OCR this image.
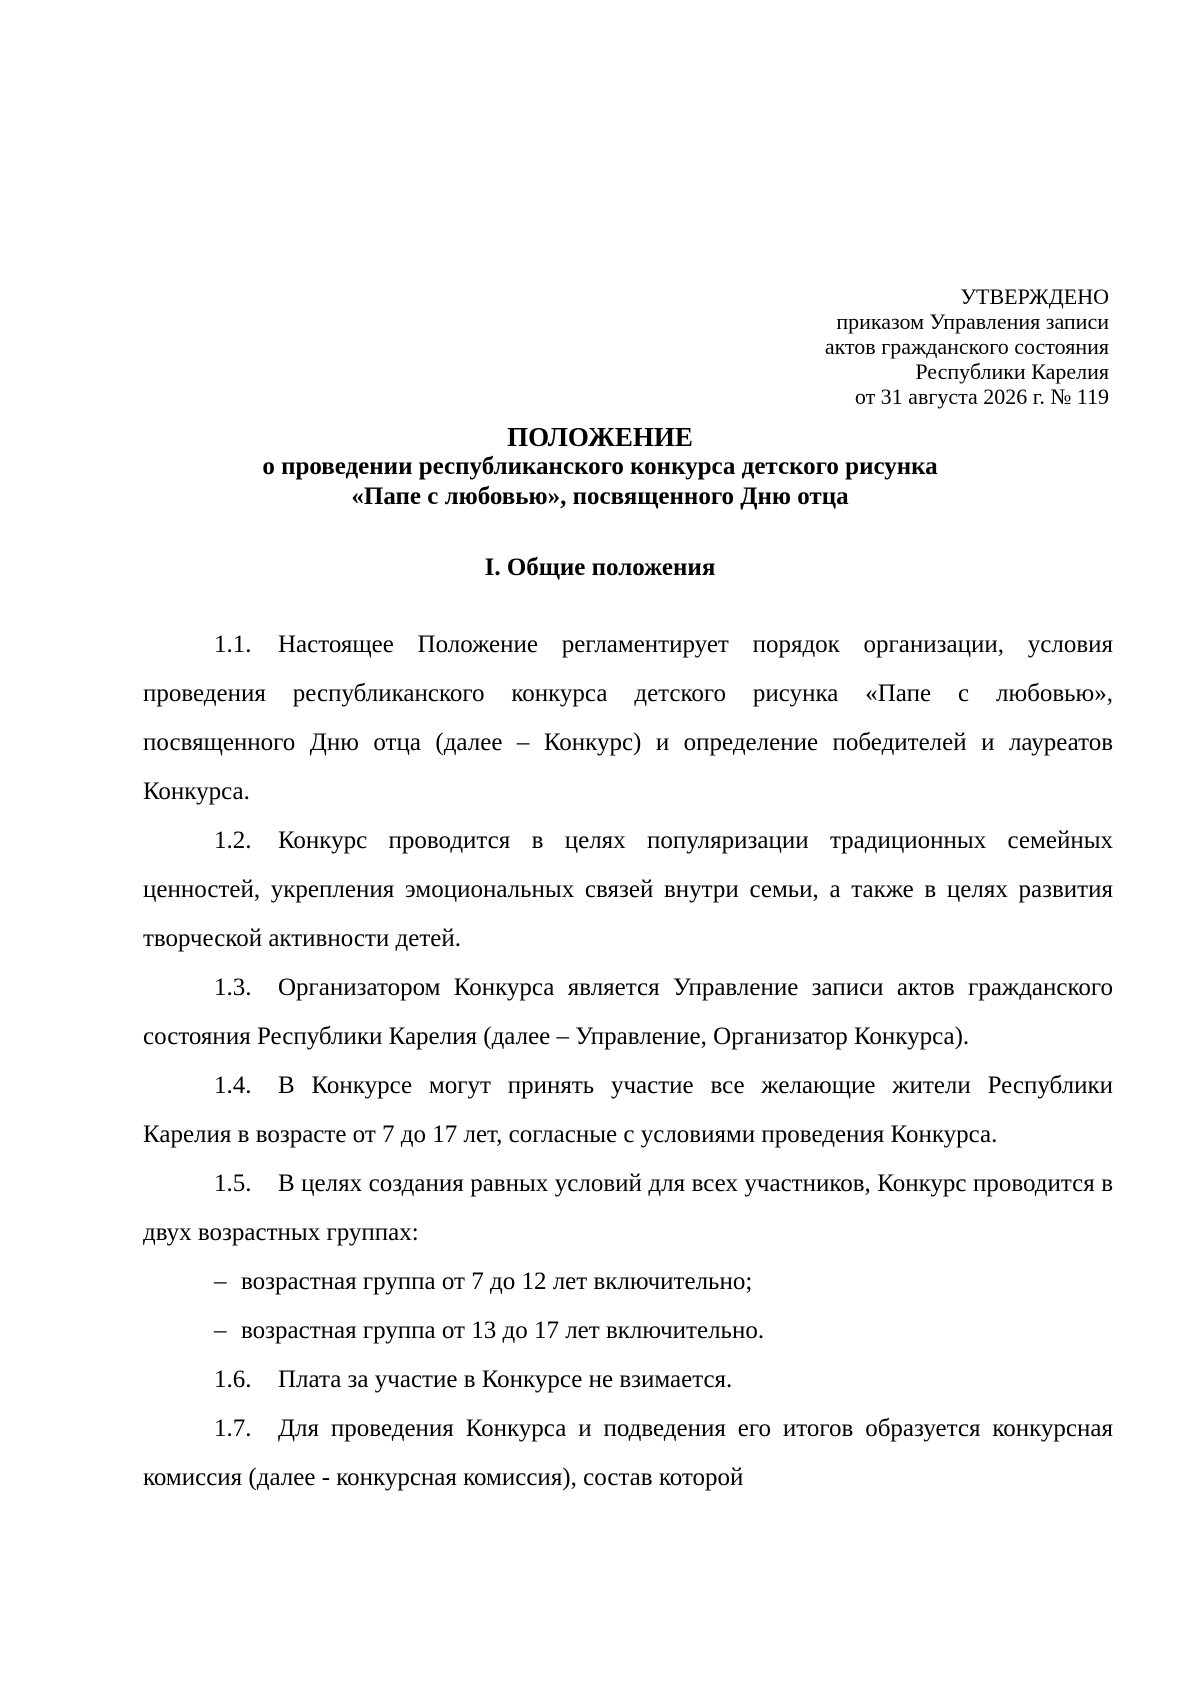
УТВЕРЖДЕНО
приказом Управления записи
актов гражданского состояния
Республики Карелия
от 31 августа 2026 г. № 119
ПОЛОЖЕНИЕ
о проведении республиканского конкурса детского рисунка
«Папе с любовью», посвященного Дню отца
I. Общие положения

1.1. Настоящее Положение регламентирует порядок организации, условия проведения республиканского конкурса детского рисунка «Папе с любовью», посвященного Дню отца (далее – Конкурс) и определение победителей и лауреатов Конкурса.

1.2. Конкурс проводится в целях популяризации традиционных семейных ценностей, укрепления эмоциональных связей внутри семьи, а также в целях развития творческой активности детей.

1.3. Организатором Конкурса является Управление записи актов гражданского состояния Республики Карелия (далее – Управление, Организатор Конкурса).

1.4. В Конкурсе могут принять участие все желающие жители Республики Карелия в возрасте от 7 до 17 лет, согласные с условиями проведения Конкурса.

1.5. В целях создания равных условий для всех участников, Конкурс проводится в двух возрастных группах:

– возрастная группа от 7 до 12 лет включительно;

– возрастная группа от 13 до 17 лет включительно.

1.6. Плата за участие в Конкурсе не взимается.

1.7. Для проведения Конкурса и подведения его итогов образуется конкурсная комиссия (далее - конкурсная комиссия), состав которой
